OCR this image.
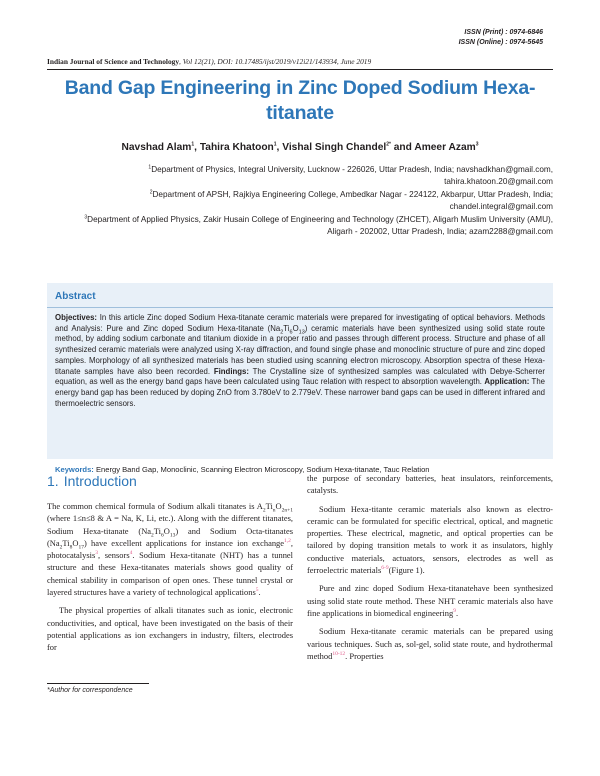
ISSN (Print) : 0974-6846
ISSN (Online) : 0974-5645
Indian Journal of Science and Technology, Vol 12(21), DOI: 10.17485/ijst/2019/v12i21/143934, June 2019
Band Gap Engineering in Zinc Doped Sodium Hexa-titanate
Navshad Alam$^1$, Tahira Khatoon$^1$, Vishal Singh Chandel$^{2*}$ and Ameer Azam$^3$
$^1$Department of Physics, Integral University, Lucknow - 226026, Uttar Pradesh, India; navshadkhan@gmail.com, tahira.khatoon.20@gmail.com
$^2$Department of APSH, Rajkiya Engineering College, Ambedkar Nagar - 224122, Akbarpur, Uttar Pradesh, India; chandel.integral@gmail.com
$^3$Department of Applied Physics, Zakir Husain College of Engineering and Technology (ZHCET), Aligarh Muslim University (AMU), Aligarh - 202002, Uttar Pradesh, India; azam2288@gmail.com
Abstract
Objectives: In this article Zinc doped Sodium Hexa-titanate ceramic materials were prepared for investigating of optical behaviors. Methods and Analysis: Pure and Zinc doped Sodium Hexa-titanate $(Na_2Ti_6O_{13})$ ceramic materials have been synthesized using solid state route method, by adding sodium carbonate and titanium dioxide in a proper ratio and passes through different process. Structure and phase of all synthesized ceramic materials were analyzed using X-ray diffraction, and found single phase and monoclinic structure of pure and zinc doped samples. Morphology of all synthesized materials has been studied using scanning electron microscopy. Absorption spectra of these Hexa-titanate samples have also been recorded. Findings: The Crystalline size of synthesized samples was calculated with Debye-Scherrer equation, as well as the energy band gaps have been calculated using Tauc relation with respect to absorption wavelength. Application: The energy band gap has been reduced by doping ZnO from 3.780eV to 2.779eV. These narrower band gaps can be used in different infrared and thermoelectric sensors.
Keywords: Energy Band Gap, Monoclinic, Scanning Electron Microscopy, Sodium Hexa-titanate, Tauc Relation
1. Introduction

The common chemical formula of Sodium alkali titanates is $A_2Ti_nO_{2n+1}$ (where 1≤n≤8 & A = Na, K, Li, etc.). Along with the different titanates, Sodium Hexa-titanate $(Na_2Ti_6O_{13})$ and Sodium Octa-titanates $(Na_2Ti_8O_{17})$ have excellent applications for instance ion exchange$^{1,2}$, photocatalysis$^3$, sensors$^4$. Sodium Hexa-titanate (NHT) has a tunnel structure and these Hexa-titanates materials shows good quality of chemical stability in comparison of open ones. These tunnel crystal or layered structures have a variety of technological applications$^5$.

The physical properties of alkali titanates such as ionic, electronic conductivities, and optical, have been investigated on the basis of their potential applications as ion exchangers in industry, filters, electrodes for

the purpose of secondary batteries, heat insulators, reinforcements, catalysts.

Sodium Hexa-titante ceramic materials also known as electro-ceramic can be formulated for specific electrical, optical, and magnetic properties. These electrical, magnetic, and optical properties can be tailored by doping transition metals to work it as insulators, highly conductive materials, actuators, sensors, electrodes as well as ferroelectric materials$^{6-9}$(Figure 1).

Pure and zinc doped Sodium Hexa-titanatehave been synthesized using solid state route method. These NHT ceramic materials also have fine applications in biomedical engineering$^9$.

Sodium Hexa-titanate ceramic materials can be prepared using various techniques. Such as, sol-gel, solid state route, and hydrothermal method$^{10-12}$. Properties

*Author for correspondence
